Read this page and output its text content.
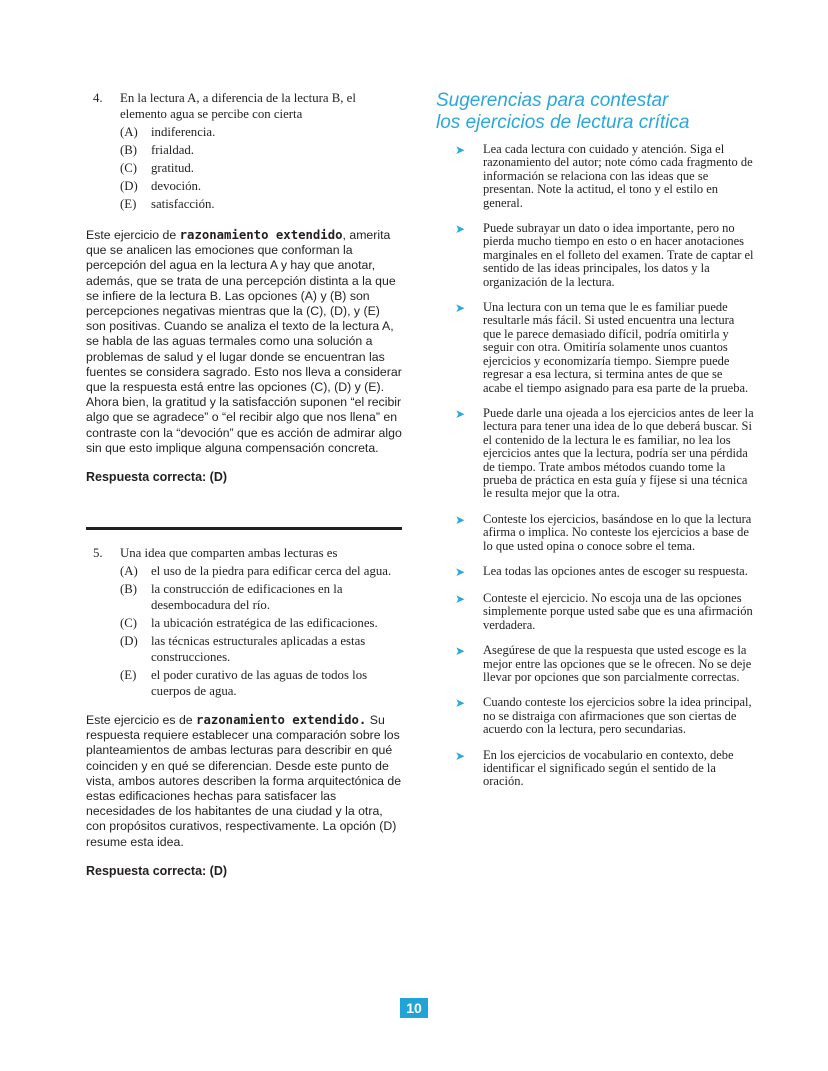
4. En la lectura A, a diferencia de la lectura B, el elemento agua se percibe con cierta
(A)	indiferencia.
(B)	frialdad.
(C)	gratitud.
(D)	devoción.
(E)	satisfacción.

Este ejercicio de razonamiento extendido, amerita que se analicen las emociones que conforman la percepción del agua en la lectura A y hay que anotar, además, que se trata de una percepción distinta a la que se infiere de la lectura B. Las opciones (A) y (B) son percepciones negativas mientras que la (C), (D), y (E) son positivas. Cuando se analiza el texto de la lectura A, se habla de las aguas termales como una solución a problemas de salud y el lugar donde se encuentran las fuentes se considera sagrado. Esto nos lleva a considerar que la respuesta está entre las opciones (C), (D) y (E). Ahora bien, la gratitud y la satisfacción suponen “el recibir algo que se agradece” o “el recibir algo que nos llena” en contraste con la “devoción” que es acción de admirar algo sin que esto implique alguna compensación concreta.

Respuesta correcta: (D)

5. Una idea que comparten ambas lecturas es
(A)	el uso de la piedra para edificar cerca del agua.
(B)	la construcción de edificaciones en la desembocadura del río.
(C)	la ubicación estratégica de las edificaciones.
(D)	las técnicas estructurales aplicadas a estas construcciones.
(E)	el poder curativo de las aguas de todos los cuerpos de agua.

Este ejercicio es de razonamiento extendido. Su respuesta requiere establecer una comparación sobre los planteamientos de ambas lecturas para describir en qué coinciden y en qué se diferencian. Desde este punto de vista, ambos autores describen la forma arquitectónica de estas edificaciones hechas para satisfacer las necesidades de los habitantes de una ciudad y la otra, con propósitos curativos, respectivamente. La opción (D) resume esta idea.

Respuesta correcta: (D)

Sugerencias para contestar
los ejercicios de lectura crítica
➤	Lea cada lectura con cuidado y atención. Siga el razonamiento del autor; note cómo cada fragmento de información se relaciona con las ideas que se presentan. Note la actitud, el tono y el estilo en general.
➤	Puede subrayar un dato o idea importante, pero no pierda mucho tiempo en esto o en hacer anotaciones marginales en el folleto del examen. Trate de captar el sentido de las ideas principales, los datos y la organización de la lectura.
➤	Una lectura con un tema que le es familiar puede resultarle más fácil. Si usted encuentra una lectura que le parece demasiado difícil, podría omitirla y seguir con otra. Omitiría solamente unos cuantos ejercicios y economizaría tiempo. Siempre puede regresar a esa lectura, si termina antes de que se acabe el tiempo asignado para esa parte de la prueba.
➤	Puede darle una ojeada a los ejercicios antes de leer la lectura para tener una idea de lo que deberá buscar. Si el contenido de la lectura le es familiar, no lea los ejercicios antes que la lectura, podría ser una pérdida de tiempo. Trate ambos métodos cuando tome la prueba de práctica en esta guía y fíjese si una técnica le resulta mejor que la otra.
➤	Conteste los ejercicios, basándose en lo que la lectura afirma o implica. No conteste los ejercicios a base de lo que usted opina o conoce sobre el tema.
➤	Lea todas las opciones antes de escoger su respuesta.
➤	Conteste el ejercicio. No escoja una de las opciones simplemente porque usted sabe que es una afirmación verdadera.
➤	Asegúrese de que la respuesta que usted escoge es la mejor entre las opciones que se le ofrecen. No se deje llevar por opciones que son parcialmente correctas.
➤	Cuando conteste los ejercicios sobre la idea principal, no se distraiga con afirmaciones que son ciertas de acuerdo con la lectura, pero secundarias.
➤	En los ejercicios de vocabulario en contexto, debe identificar el significado según el sentido de la oración.
10
